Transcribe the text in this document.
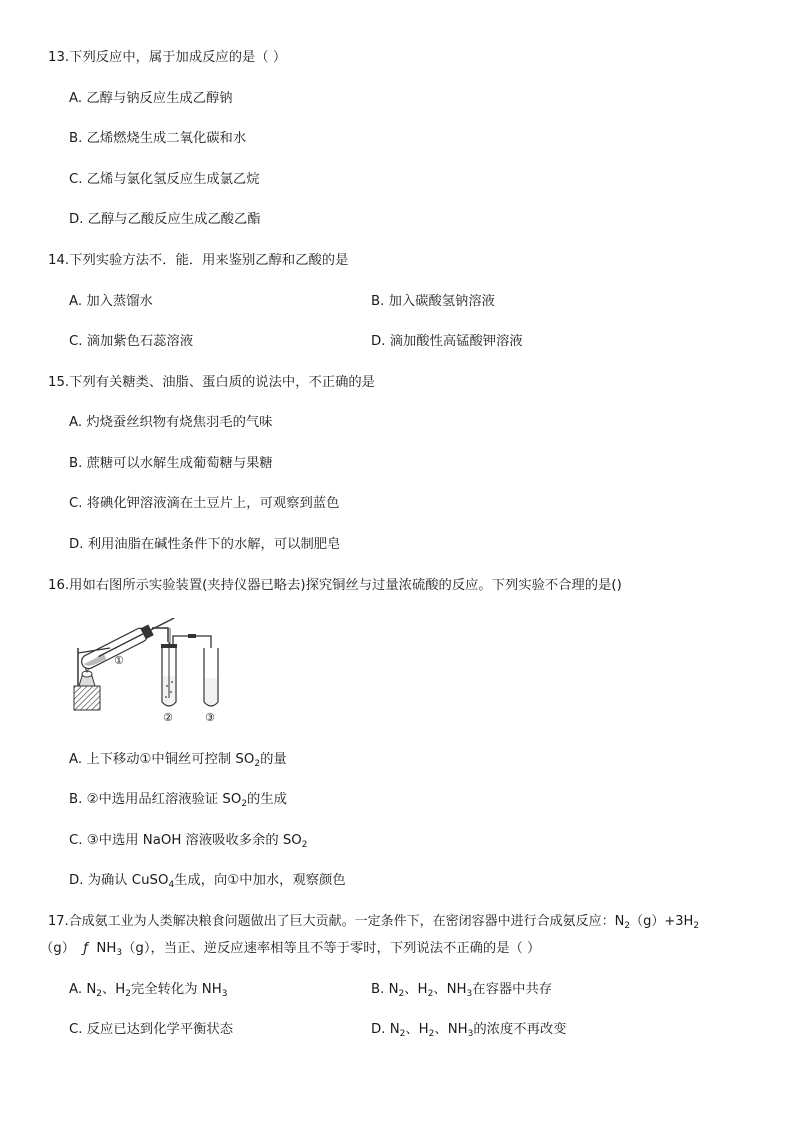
13.下列反应中，属于加成反应的是（ ）
A. 乙醇与钠反应生成乙醇钠
B. 乙烯燃烧生成二氧化碳和水
C. 乙烯与氯化氢反应生成氯乙烷
D. 乙醇与乙酸反应生成乙酸乙酯
14.下列实验方法不．能．用来鉴别乙醇和乙酸的是
A. 加入蒸馏水	B. 加入碳酸氢钠溶液
C. 滴加紫色石蕊溶液	D. 滴加酸性高锰酸钾溶液
15.下列有关糖类、油脂、蛋白质的说法中，不正确的是
A. 灼烧蚕丝织物有烧焦羽毛的气味
B. 蔗糖可以水解生成葡萄糖与果糖
C. 将碘化钾溶液滴在土豆片上，可观察到蓝色
D. 利用油脂在碱性条件下的水解，可以制肥皂
16.用如右图所示实验装置(夹持仪器已略去)探究铜丝与过量浓硫酸的反应。下列实验不合理的是()
①
②	③
A. 上下移动①中铜丝可控制 $SO_2$的量
B. ②中选用品红溶液验证 $SO_2$的生成
C. ③中选用 NaOH 溶液吸收多余的 $SO_2$
D. 为确认 CuSO$_4$生成，向①中加水，观察颜色
17.合成氨工业为人类解决粮食问题做出了巨大贡献。一定条件下，在密闭容器中进行合成氨反应：$N_2(g)+3H_2$
（g） ƒ  $NH_3(g)$，当正、逆反应速率相等且不等于零时，下列说法不正确的是（ ）
A. $N_2$、$H_2$完全转化为 $NH_3$	B. $N_2$、$H_2$、$NH_3$在容器中共存
C. 反应已达到化学平衡状态	D. $N_2$、$H_2$、$NH_3$的浓度不再改变
